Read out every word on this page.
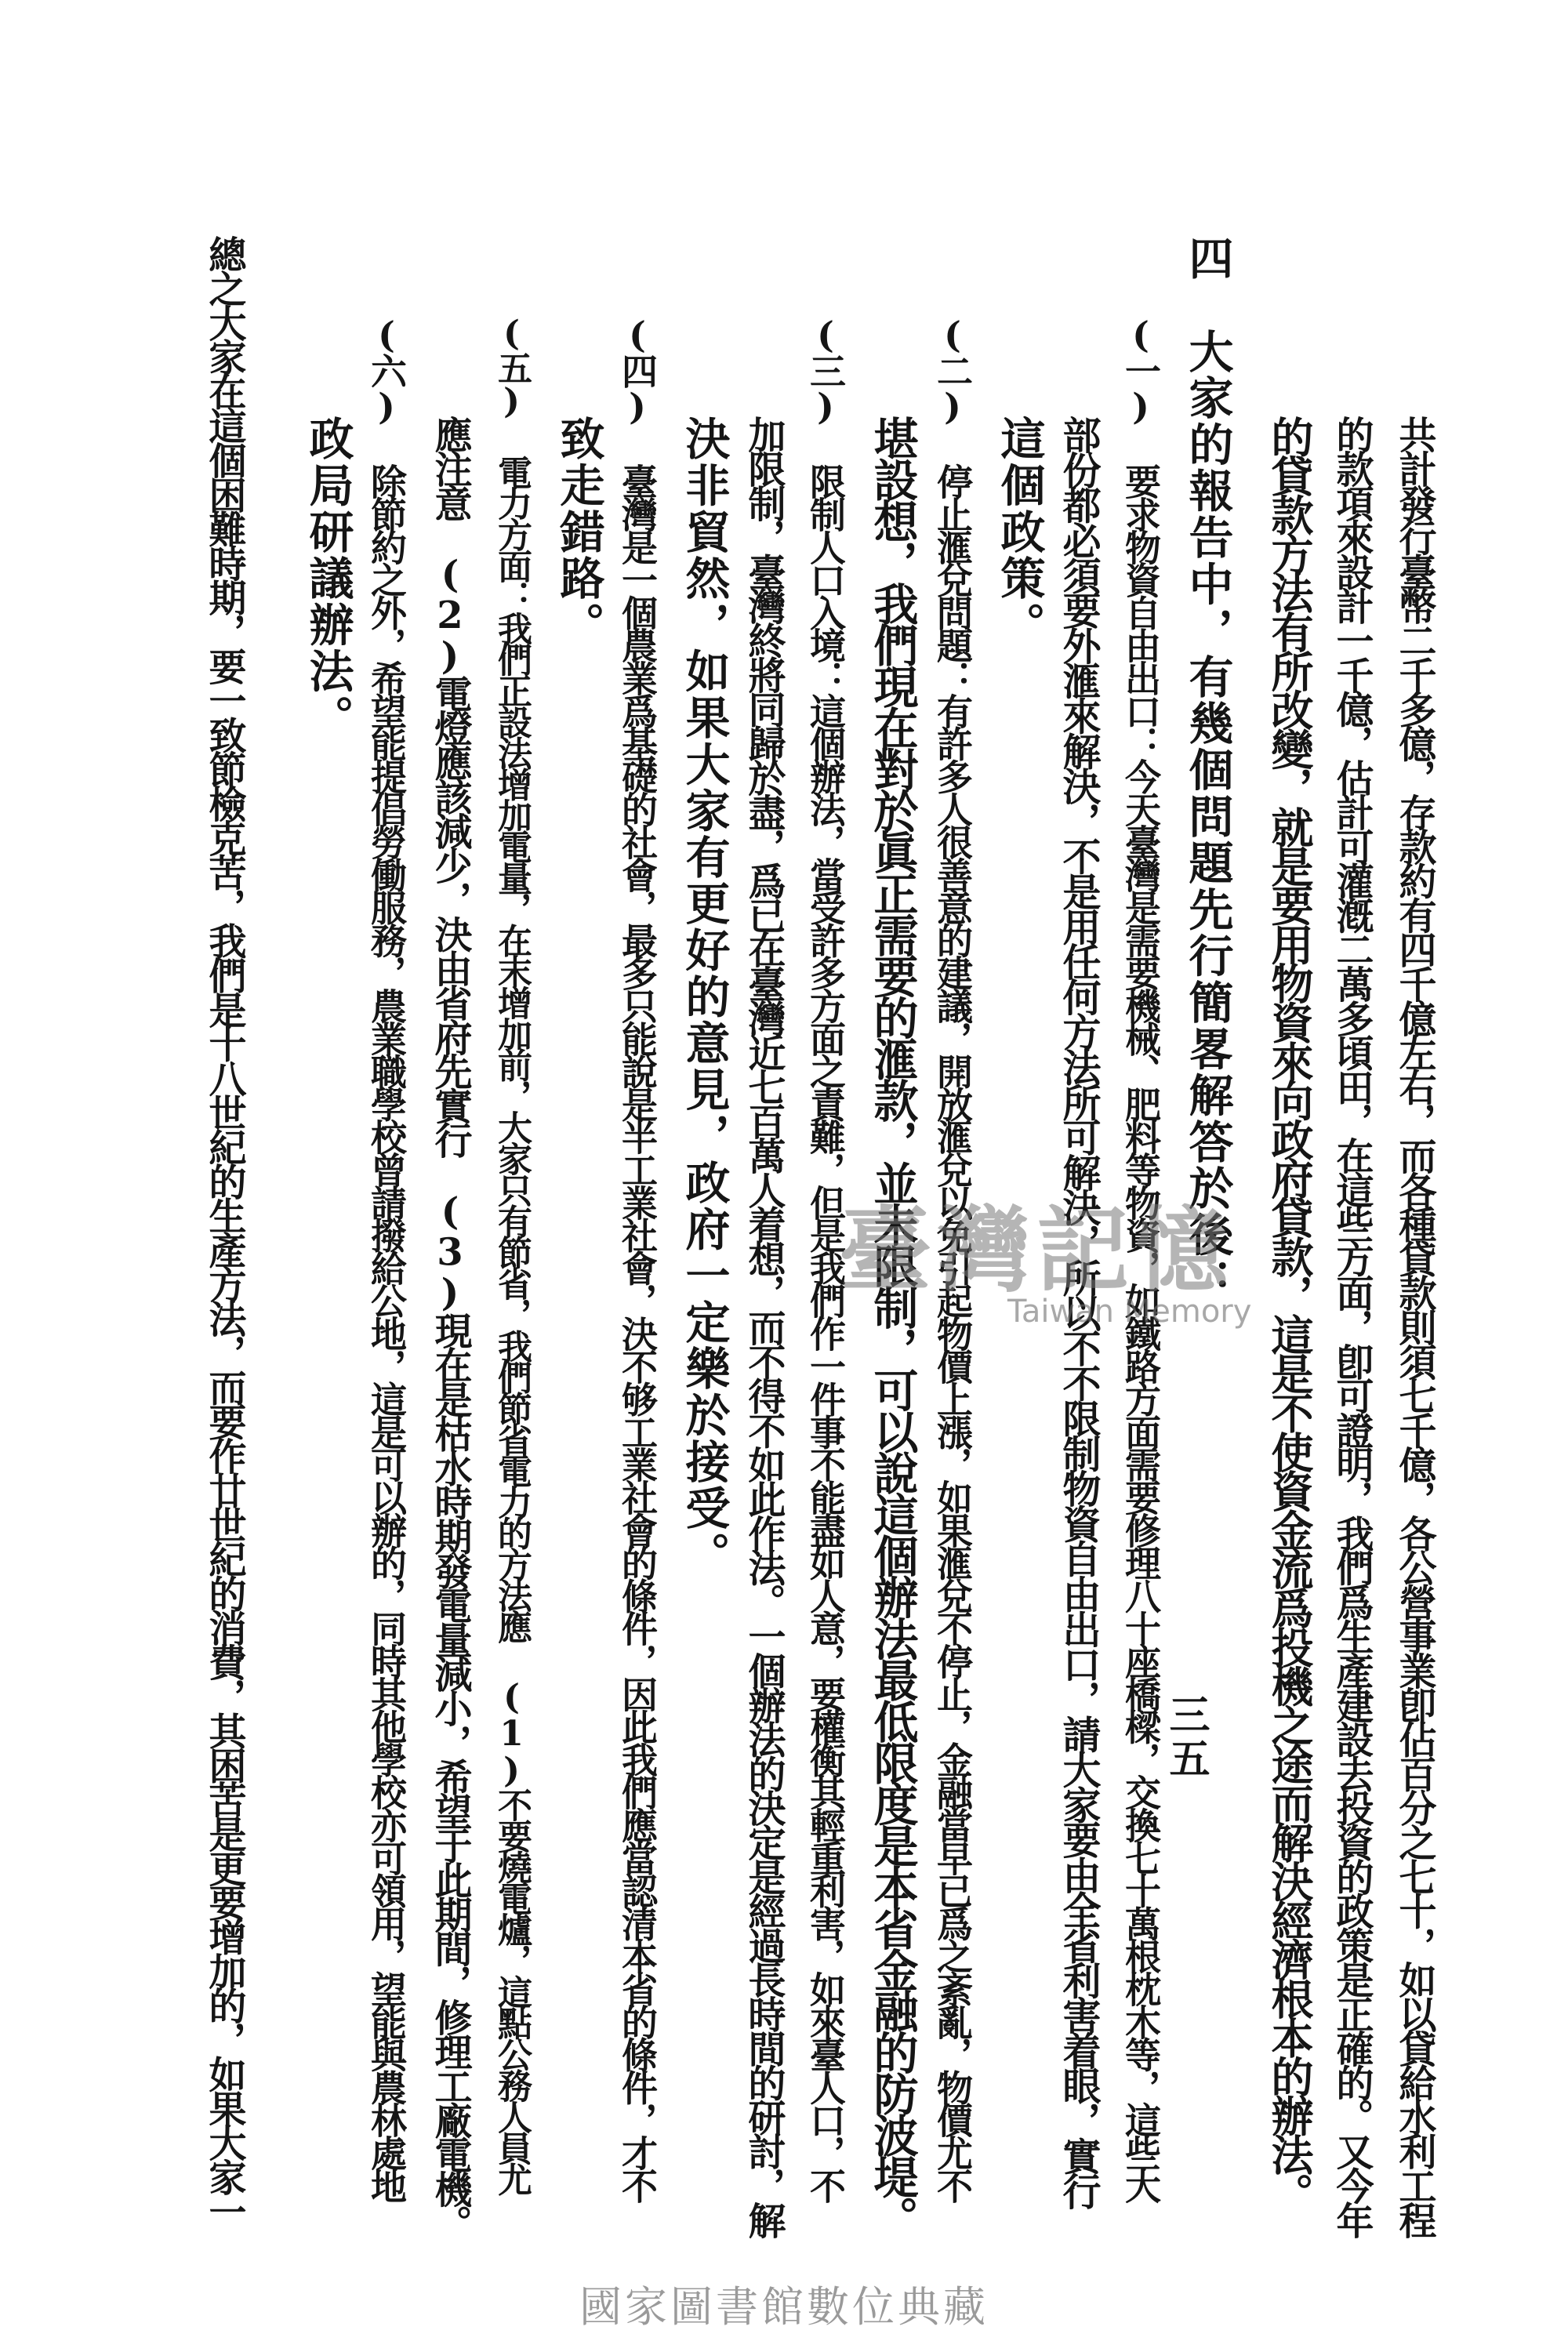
共計發行臺幣二千多億，存款約有四千億左右，而各種貸款則須七千億，各公營事業卽佔百分之七十，如以貸給水利工程
的款項來設計一千億，估計可灌漑二萬多頃田，在這些方面，卽可證明，我們爲生產建設去投資的政策是正確的。又今年
的貸款方法有所改變，就是要用物資來向政府貸款，這是不使資金流爲投機之途而解決經濟根本的辦法。
四　大家的報告中，有幾個問題先行簡畧解答於後：
(一) 要求物資自由出口：今天臺灣是需要機械、肥料等物資，如鐵路方面需要修理八十座橋樑，交換七十萬根枕木等，這些大
部份都必須要外滙來解決，不是用任何方法所可解決，所以不不限制物資自由出口，請大家要由全省利害着眼，實行
這個政策。
(二) 停止滙兌問題：有許多人很善意的建議，開放滙兌以免引起物價上漲，如果滙兌不停止，金融當早已爲之紊亂，物價尤不
堪設想，我們現在對於眞正需要的滙款，並未限制，可以說這個辦法最低限度是本省金融的防波堤。
(三) 限制人口入境：這個辦法，當受許多方面之責難，但是我們作一件事不能盡如人意，要權衡其輕重利害，如來臺人口，不
加限制，臺灣終將同歸於盡，爲已在臺灣近七百萬人着想，而不得不如此作法。一個辦法的決定是經過長時間的研討，解
決非貿然，如果大家有更好的意見，政府一定樂於接受。
(四) 臺灣是一個農業爲基礎的社會，最多只能說是半工業社會，決不够工業社會的條件，因此我們應當認清本省的條件，才不
致走錯路。
(五) 電力方面：我們正設法增加電量，在末增加前，大家只有節省，我們節省電力的方法應 (1)不要燒電爐，這點公務人員尤
應注意　(2)電燈應該減少，決由省府先實行　(3)現在是枯水時期發電量減小，希望于此期間，修理工廠電機。
(六) 除節約之外，希望能提倡勞働服務，農業職學校曾請撥給公地，這是可以辦的，同時其他學校亦可領用，望能與農林處地
政局研議辦法。
總之大家在這個困難時期，要一致節檢克苦，我們是十八世紀的生產方法，而要作廿世紀的消費，其困苦是更要增加的，如果大家一	三五
臺灣記憶
Taiwan Memory
國家圖書館數位典藏
